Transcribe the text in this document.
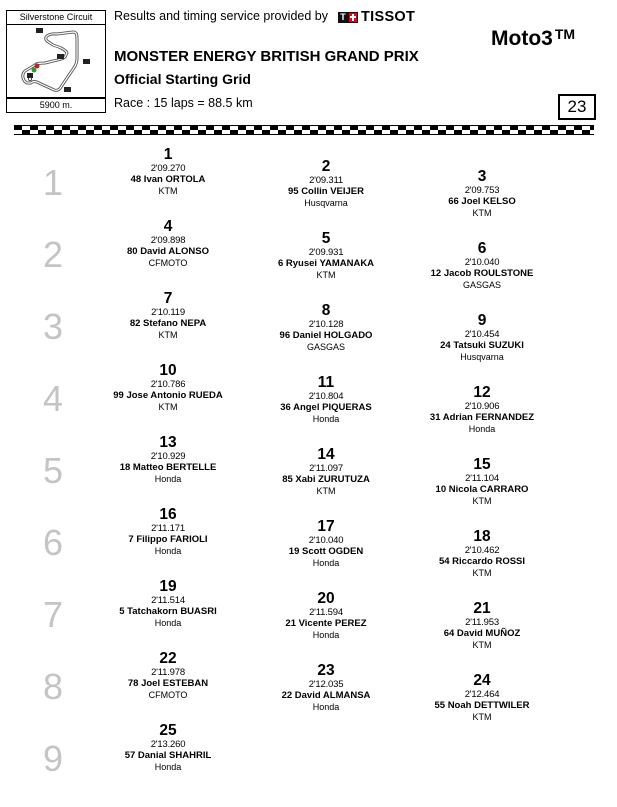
Silverstone Circuit
5900 m.
Results and timing service provided by T TISSOT
Moto3 ™
MONSTER ENERGY BRITISH GRAND PRIX
Official Starting Grid
Race : 15 laps = 88.5 km	23
1
1
2'09.270
48 Ivan ORTOLA
KTM
2
2'09.311
95 Collin VEIJER
Husqvarna
3
2'09.753
66 Joel KELSO
KTM
2
4
2'09.898
80 David ALONSO
CFMOTO
5
2'09.931
6 Ryusei YAMANAKA
KTM
6
2'10.040
12 Jacob ROULSTONE
GASGAS
3
7
2'10.119
82 Stefano NEPA
KTM
8
2'10.128
96 Daniel HOLGADO
GASGAS
9
2'10.454
24 Tatsuki SUZUKI
Husqvarna
4
10
2'10.786
99 Jose Antonio RUEDA
KTM
11
2'10.804
36 Angel PIQUERAS
Honda
12
2'10.906
31 Adrian FERNANDEZ
Honda
5
13
2'10.929
18 Matteo BERTELLE
Honda
14
2'11.097
85 Xabi ZURUTUZA
KTM
15
2'11.104
10 Nicola CARRARO
KTM
6
16
2'11.171
7 Filippo FARIOLI
Honda
17
2'10.040
19 Scott OGDEN
Honda
18
2'10.462
54 Riccardo ROSSI
KTM
7
19
2'11.514
5 Tatchakorn BUASRI
Honda
20
2'11.594
21 Vicente PEREZ
Honda
21
2'11.953
64 David MUÑOZ
KTM
8
22
2'11.978
78 Joel ESTEBAN
CFMOTO
23
2'12.035
22 David ALMANSA
Honda
24
2'12.464
55 Noah DETTWILER
KTM
9
25
2'13.260
57 Danial SHAHRIL
Honda
